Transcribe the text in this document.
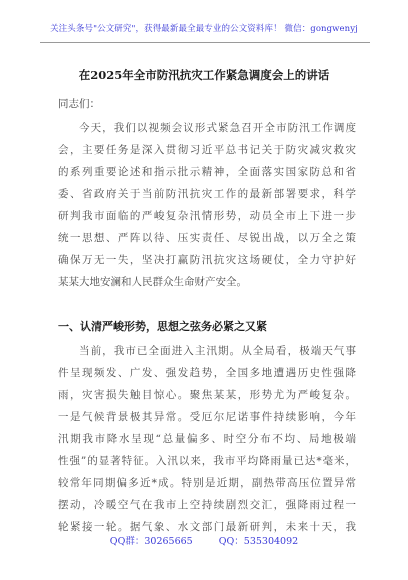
关注头条号"公文研究"，获得最新最全最专业的公文资料库！ 微信：gongwenyj
在2025年全市防汛抗灾工作紧急调度会上的讲话
同志们：
今天，我们以视频会议形式紧急召开全市防汛工作调度
会，主要任务是深入贯彻习近平总书记关于防灾减灾救灾
的系列重要论述和指示批示精神，全面落实国家防总和省
委、省政府关于当前防汛抗灾工作的最新部署要求，科学
研判我市面临的严峻复杂汛情形势，动员全市上下进一步
统一思想、严阵以待、压实责任、尽锐出战，以万全之策
确保万无一失，坚决打赢防汛抗灾这场硬仗，全力守护好
某某大地安澜和人民群众生命财产安全。
一、认清严峻形势，思想之弦务必紧之又紧
当前，我市已全面进入主汛期。从全局看，极端天气事
件呈现频发、广发、强发趋势，全国多地遭遇历史性强降
雨，灾害损失触目惊心。聚焦某某，形势尤为严峻复杂。
一是气候背景极其异常。受厄尔尼诺事件持续影响，今年
汛期我市降水呈现“总量偏多、时空分布不均、局地极端
性强”的显著特征。入汛以来，我市平均降雨量已达*毫米，
较常年同期偏多近*成。特别是近期，副热带高压位置异常
摆动，冷暖空气在我市上空持续剧烈交汇，强降雨过程一
轮紧接一轮。据气象、水文部门最新研判，未来十天，我
QQ群：30265665	QQ：535304092
